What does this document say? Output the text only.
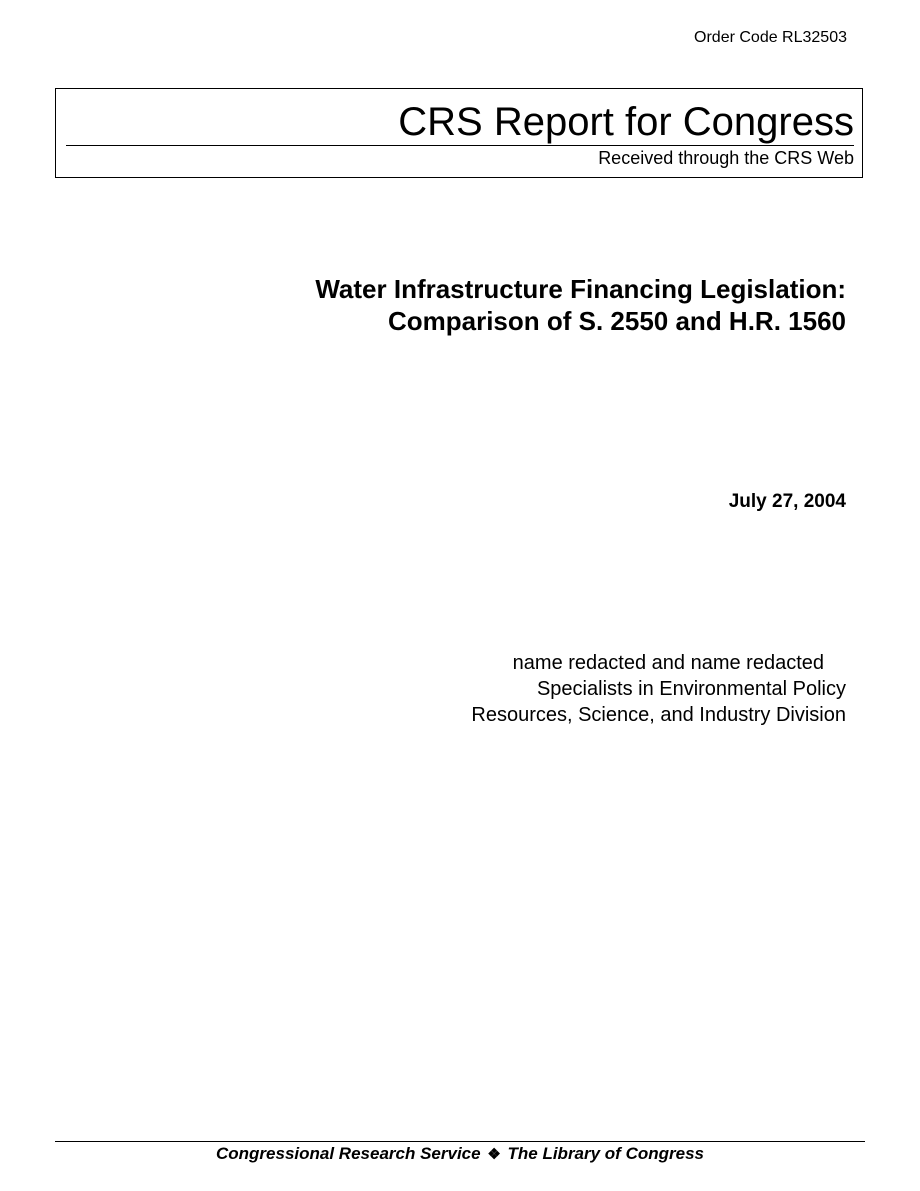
Order Code RL32503
CRS Report for Congress
Received through the CRS Web
Water Infrastructure Financing Legislation:
Comparison of S. 2550 and H.R. 1560
July 27, 2004
name redacted and name redacted
Specialists in Environmental Policy
Resources, Science, and Industry Division
Congressional Research Service ❖ The Library of Congress
